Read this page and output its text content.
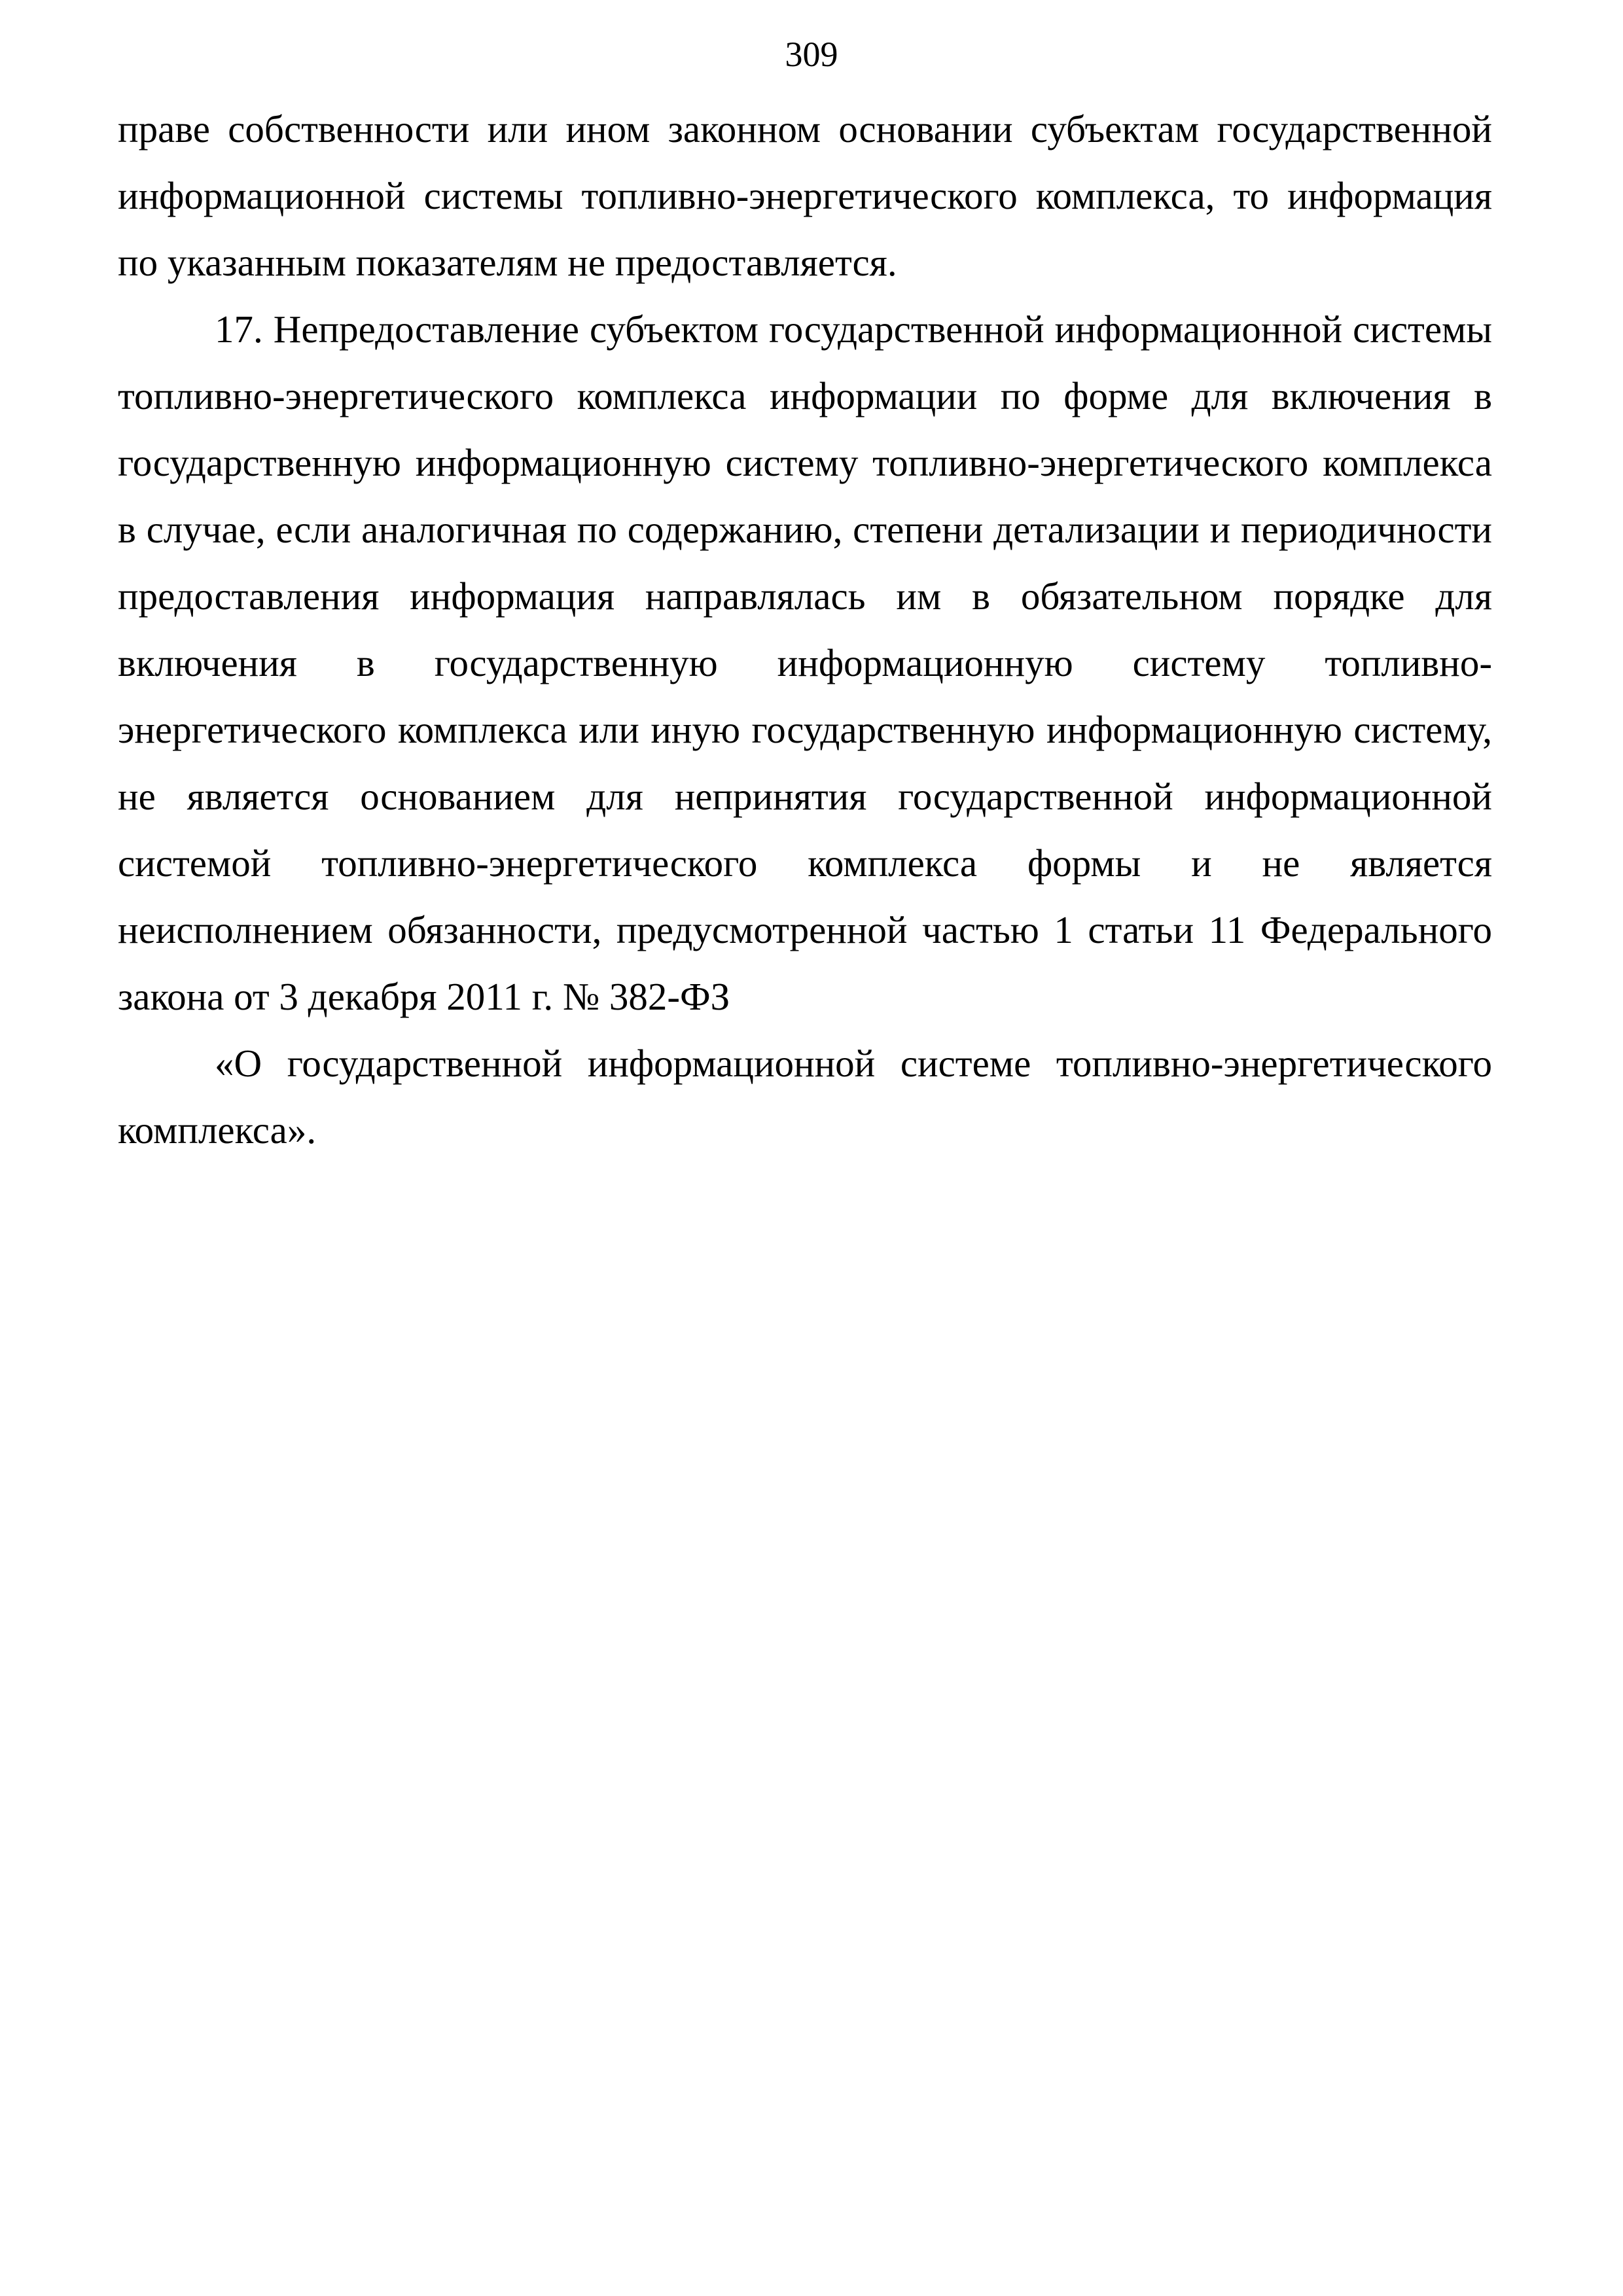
309

праве собственности или ином законном основании субъектам государственной информационной системы топливно-энергетического комплекса, то информация по указанным показателям не предоставляется.

17. Непредоставление субъектом государственной информационной системы топливно-энергетического комплекса информации по форме для включения в государственную информационную систему топливно-энергетического комплекса в случае, если аналогичная по содержанию, степени детализации и периодичности предоставления информация направлялась им в обязательном порядке для включения в государственную информационную систему топливно-энергетического комплекса или иную государственную информационную систему, не является основанием для непринятия государственной информационной системой топливно-энергетического комплекса формы и не является неисполнением обязанности, предусмотренной частью 1 статьи 11 Федерального закона от 3 декабря 2011 г. № 382-ФЗ
«О государственной информационной системе топливно-энергетического
комплекса».
